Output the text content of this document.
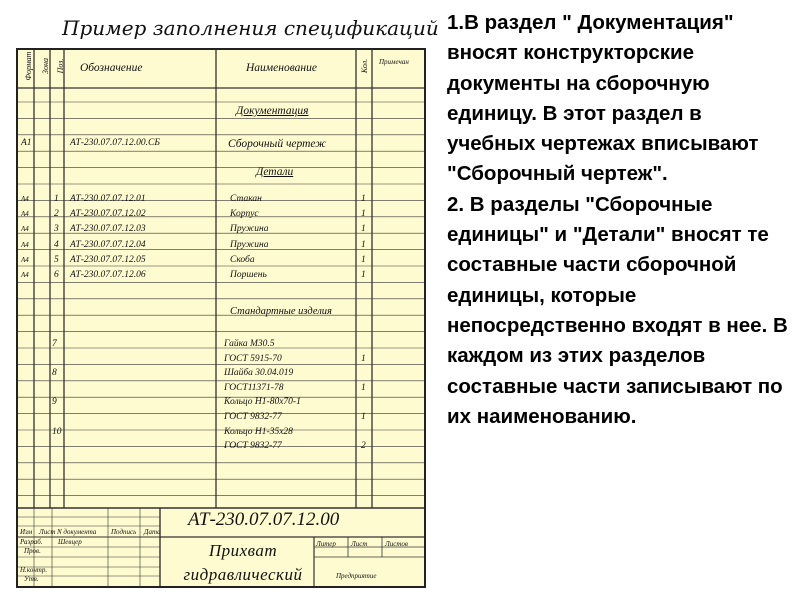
Пример заполнения спецификаций
Формат Зона Поз. Обозначение	Наименование	Кол. Примечан
Документация
А1	АТ-230.07.07.12.00.СБ	Сборочный чертеж
Детали
Стандартные изделия
А4	1 АТ-230.07.07.12.01	Стакан	1
А4	2 АТ-230.07.07.12.02	Корпус	1
А4	3 АТ-230.07.07.12.03	Пружина	1
А4	4 АТ-230.07.07.12.04	Пружина	1
А4	5 АТ-230.07.07.12.05	Скоба	1
А4	6 АТ-230.07.07.12.06	Поршень	1
7	Гайка М30.5
ГОСТ 5915-70	1
8	Шайба 30.04.019
ГОСТ11371-78	1
9	Кольцо Н1-80х70-1
ГОСТ 9832-77	1
10	Кольцо Н1-35х28
ГОСТ 9832-77	2
АТ-230.07.07.12.00
Изм Лист N документа Подпись Дата
Разраб. Шевцер
Пров.
Н.контр.
Утв.
Прихват
гидравлический
Литер Лист	Листов
Предприятие

1.В раздел " Документация" вносят конструкторские документы на сборочную единицу. В этот раздел в учебных чертежах вписывают "Сборочный чертеж".

2. В разделы "Сборочные единицы" и "Детали" вносят те составные части сборочной единицы, которые непосредственно входят в нее. В каждом из этих разделов составные части записывают по их наименованию.
